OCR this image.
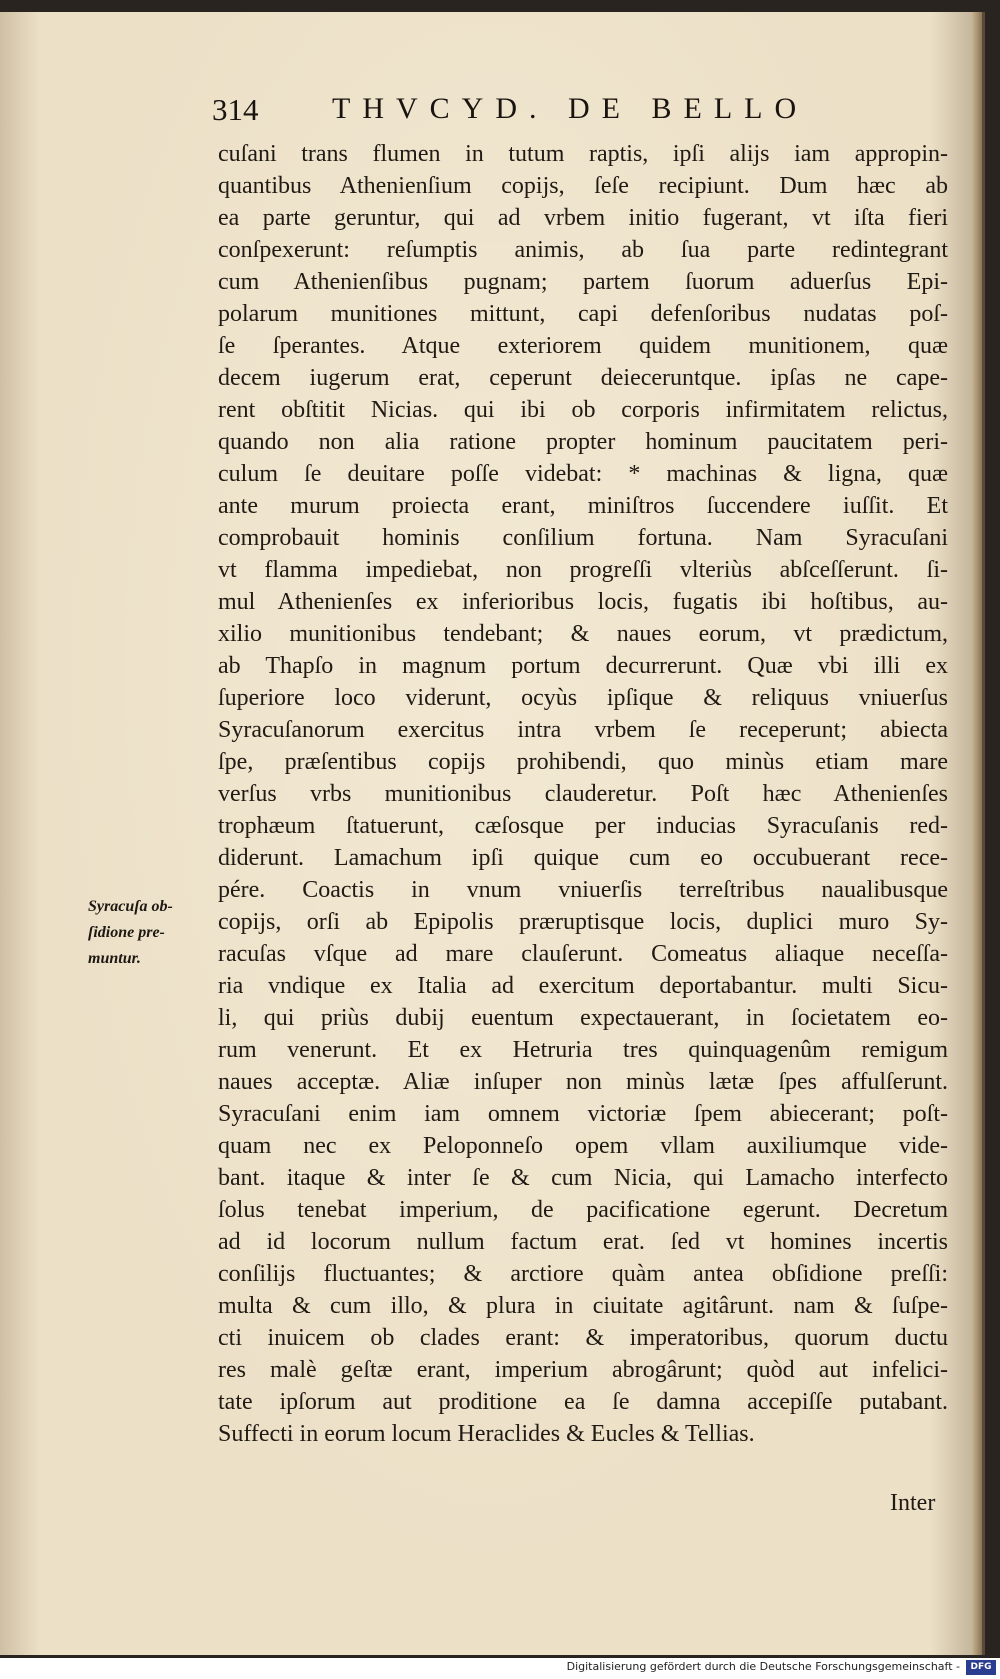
314 THVCYD. DE BELLO
cuſani trans flumen in tutum raptis, ipſi alijs iam appropin-
quantibus Athenienſium copijs, ſeſe recipiunt. Dum hæc ab
ea parte geruntur, qui ad vrbem initio fugerant, vt iſta fieri
conſpexerunt: reſumptis animis, ab ſua parte redintegrant
cum Athenienſibus pugnam; partem ſuorum aduerſus Epi-
polarum munitiones mittunt, capi defenſoribus nudatas poſ-
ſe ſperantes. Atque exteriorem quidem munitionem, quæ
decem iugerum erat, ceperunt deieceruntque. ipſas ne cape-
rent obſtitit Nicias. qui ibi ob corporis infirmitatem relictus,
quando non alia ratione propter hominum paucitatem peri-
culum ſe deuitare poſſe videbat: * machinas & ligna, quæ
ante murum proiecta erant, miniſtros ſuccendere iuſſit. Et
comprobauit hominis conſilium fortuna. Nam Syracuſani
vt flamma impediebat, non progreſſi vlteriùs abſceſſerunt. ſi-
mul Athenienſes ex inferioribus locis, fugatis ibi hoſtibus, au-
xilio munitionibus tendebant; & naues eorum, vt prædictum,
ab Thapſo in magnum portum decurrerunt. Quæ vbi illi ex
ſuperiore loco viderunt, ocyùs ipſique & reliquus vniuerſus
Syracuſanorum exercitus intra vrbem ſe receperunt; abiecta
ſpe, præſentibus copijs prohibendi, quo minùs etiam mare
verſus vrbs munitionibus clauderetur. Poſt hæc Athenienſes
trophæum ſtatuerunt, cæſosque per inducias Syracuſanis red-
diderunt. Lamachum ipſi quique cum eo occubuerant rece-
pére. Coactis in vnum vniuerſis terreſtribus naualibusque
copijs, orſi ab Epipolis præruptisque locis, duplici muro Sy-
racuſas vſque ad mare clauſerunt. Comeatus aliaque neceſſa-
ria vndique ex Italia ad exercitum deportabantur. multi Sicu-
li, qui priùs dubij euentum expectauerant, in ſocietatem eo-
rum venerunt. Et ex Hetruria tres quinquagenûm remigum
naues acceptæ. Aliæ inſuper non minùs lætæ ſpes affulſerunt.
Syracuſani enim iam omnem victoriæ ſpem abiecerant; poſt-
quam nec ex Peloponneſo opem vllam auxiliumque vide-
bant. itaque & inter ſe & cum Nicia, qui Lamacho interfecto
ſolus tenebat imperium, de pacificatione egerunt. Decretum
ad id locorum nullum factum erat. ſed vt homines incertis
conſilijs fluctuantes; & arctiore quàm antea obſidione preſſi:
multa & cum illo, & plura in ciuitate agitârunt. nam & ſuſpe-
cti inuicem ob clades erant: & imperatoribus, quorum ductu
res malè geſtæ erant, imperium abrogârunt; quòd aut infelici-
tate ipſorum aut proditione ea ſe damna accepiſſe putabant.
Suffecti in eorum locum Heraclides & Eucles & Tellias.
Syracuſa ob-
ſidione pre-
muntur.
Inter
Digitalisierung gefördert durch die Deutsche Forschungsgemeinschaft -	DFG
